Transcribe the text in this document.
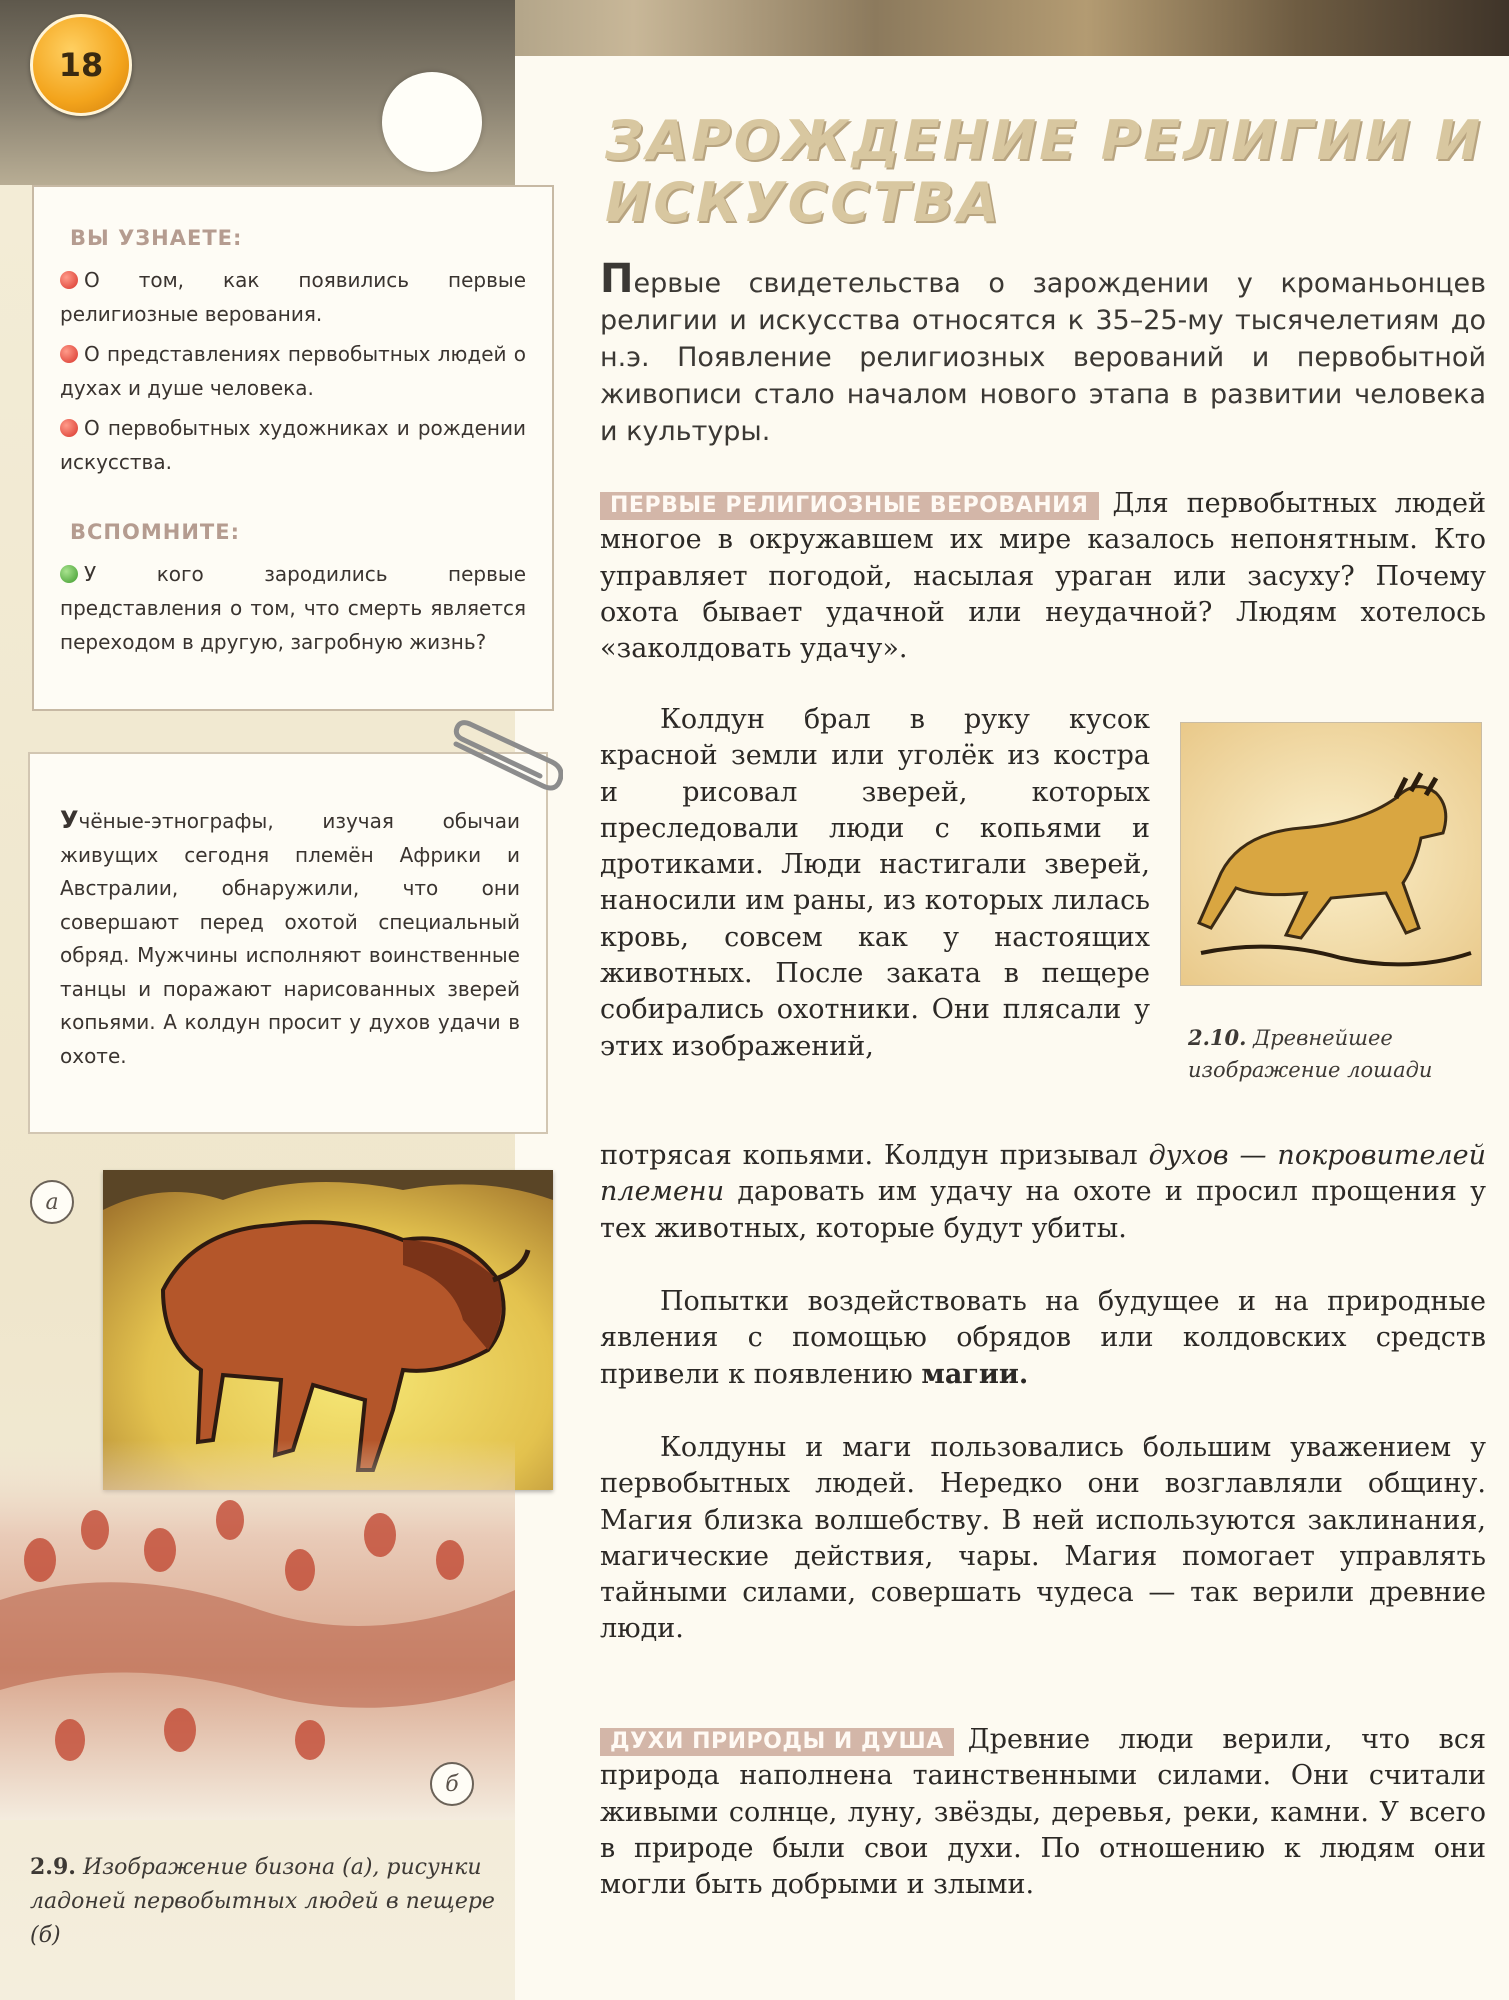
18
ЗАРОЖДЕНИЕ РЕЛИГИИ И ИСКУССТВА
ВЫ УЗНАЕТЕ:
О том, как появились первые религиозные верования.
О представлениях первобытных людей о духах и душе человека.
О первобытных художниках и рождении искусства.
ВСПОМНИТЕ:
У кого зародились первые представления о том, что смерть является переходом в другую, загробную жизнь?
Учёные-этнографы, изучая обычаи живущих сегодня племён Африки и Австралии, обнаружили, что они совершают перед охотой специальный обряд. Мужчины исполняют воинственные танцы и поражают нарисованных зверей копьями. А колдун просит у духов удачи в охоте.
а
б

2.9. Изображение бизона (а), рисунки ладоней первобытных людей в пещере (б)

2.10. Древнейшее изображение лошади

Первые свидетельства о зарождении у кроманьонцев религии и искусства относятся к 35–25-му тысячелетиям до н.э. Появление религиозных верований и первобытной живописи стало началом нового этапа в развитии человека и культуры.

ПЕРВЫЕ РЕЛИГИОЗНЫЕ ВЕРОВАНИЯ Для первобытных людей многое в окружавшем их мире казалось непонятным. Кто управляет погодой, насылая ураган или засуху? Почему охота бывает удачной или неудачной? Людям хотелось «заколдовать удачу».

Колдун брал в руку кусок красной земли или уголёк из костра и рисовал зверей, которых преследовали люди с копьями и дротиками. Люди настигали зверей, наносили им раны, из которых лилась кровь, совсем как у настоящих животных. После заката в пещере собирались охотники. Они плясали у этих изображений,

потрясая копьями. Колдун призывал духов — покровителей племени даровать им удачу на охоте и просил прощения у тех животных, которые будут убиты.

Попытки воздействовать на будущее и на природные явления с помощью обрядов или колдовских средств привели к появлению магии.

Колдуны и маги пользовались большим уважением у первобытных людей. Нередко они возглавляли общину. Магия близка волшебству. В ней используются заклинания, магические действия, чары. Магия помогает управлять тайными силами, совершать чудеса — так верили древние люди.

ДУХИ ПРИРОДЫ И ДУША Древние люди верили, что вся природа наполнена таинственными силами. Они считали живыми солнце, луну, звёзды, деревья, реки, камни. У всего в природе были свои духи. По отношению к людям они могли быть добрыми и злыми.
